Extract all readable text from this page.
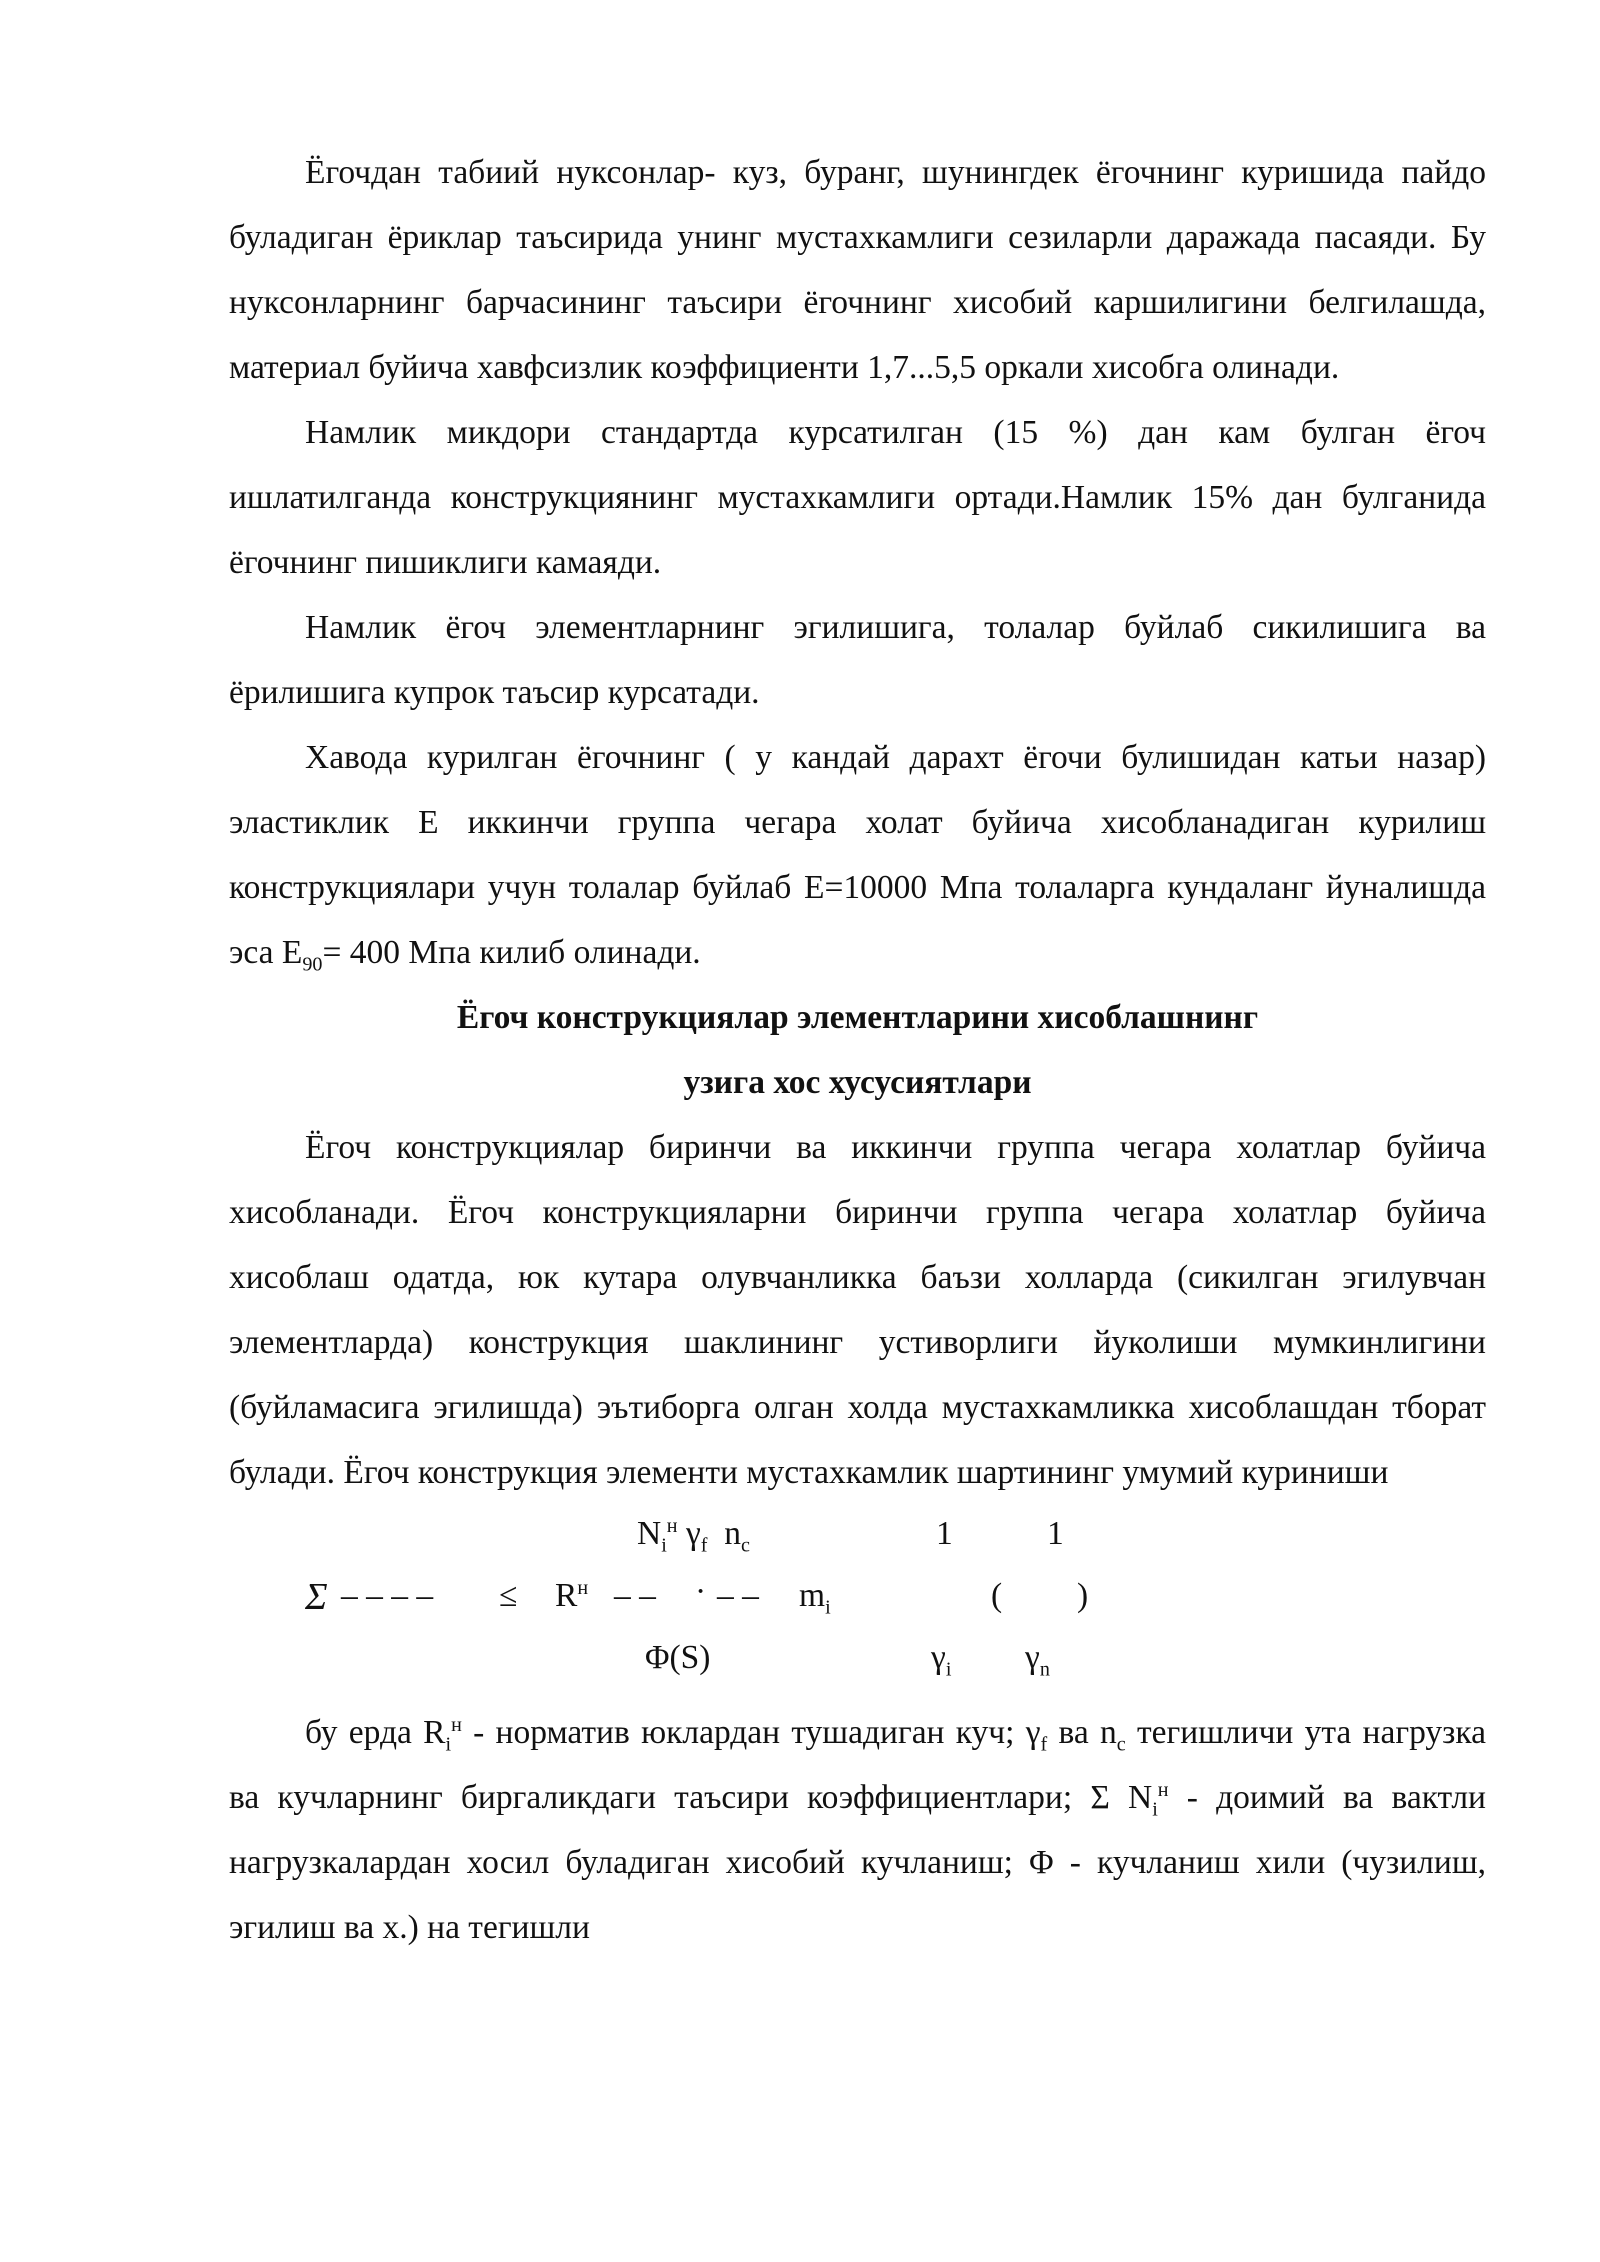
Ёгочдан табиий нуксонлар- куз, буранг, шунингдек ёгочнинг куришида пайдо буладиган ёриклар таъсирида унинг мустахкамлиги сезиларли даражада пасаяди. Бу нуксонларнинг барчасининг таъсири ёгочнинг хисобий каршилигини белгилашда, материал буйича хавфсизлик коэффициенти 1,7...5,5 оркали хисобга олинади.

Намлик микдори стандартда курсатилган (15 %) дан кам булган ёгоч ишлатилганда конструкциянинг мустахкамлиги ортади.Намлик 15% дан булганида ёгочнинг пишиклиги камаяди.

Намлик ёгоч элементларнинг эгилишига, толалар буйлаб сикилишига ва ёрилишига купрок таъсир курсатади.

Хавода курилган ёгочнинг ( у кандай дарахт ёгочи булишидан катьи назар) эластиклик Е иккинчи группа чегара холат буйича хисобланадиган курилиш конструкциялари учун толалар буйлаб Е=10000 Мпа толаларга кундаланг йуналишда эса $Е_{90}= 400$ Мпа килиб олинади.

Ёгоч конструкциялар элементларини хисоблашнинг

узига хос хусусиятлари

Ёгоч конструкциялар биринчи ва иккинчи группа чегара холатлар буйича хисобланади. Ёгоч конструкцияларни биринчи группа чегара холатлар буйича хисоблаш одатда, юк кутара олувчанликка баъзи холларда (сикилган эгилувчан элементларда) конструкция шаклининг устиворлиги йуколиши мумкинлигини (буйламасига эгилишда) эътиборга олган холда мустахкамликка хисоблашдан тборат булади. Ёгоч конструкция элементи мустахкамлик шартининг умумий куриниши

$N_i^н$ $\gamma_f$ $n_c$	1	1
Σ – – – – ≤ $R^н$ – – · – – $m_i$	( )
Φ(S)	$\gamma_i$ $\gamma_n$

бу ерда $R_i^н$ - норматив юклардан тушадиган куч; $\gamma_f$ ва $n_c$ тегишличи ута нагрузка ва кучларнинг биргаликдаги таъсири коэффициентлари; Σ $N_i^н$ - доимий ва вактли нагрузкалардан хосил буладиган хисобий кучланиш; Φ - кучланиш хили (чузилиш, эгилиш ва х.) на тегишли
